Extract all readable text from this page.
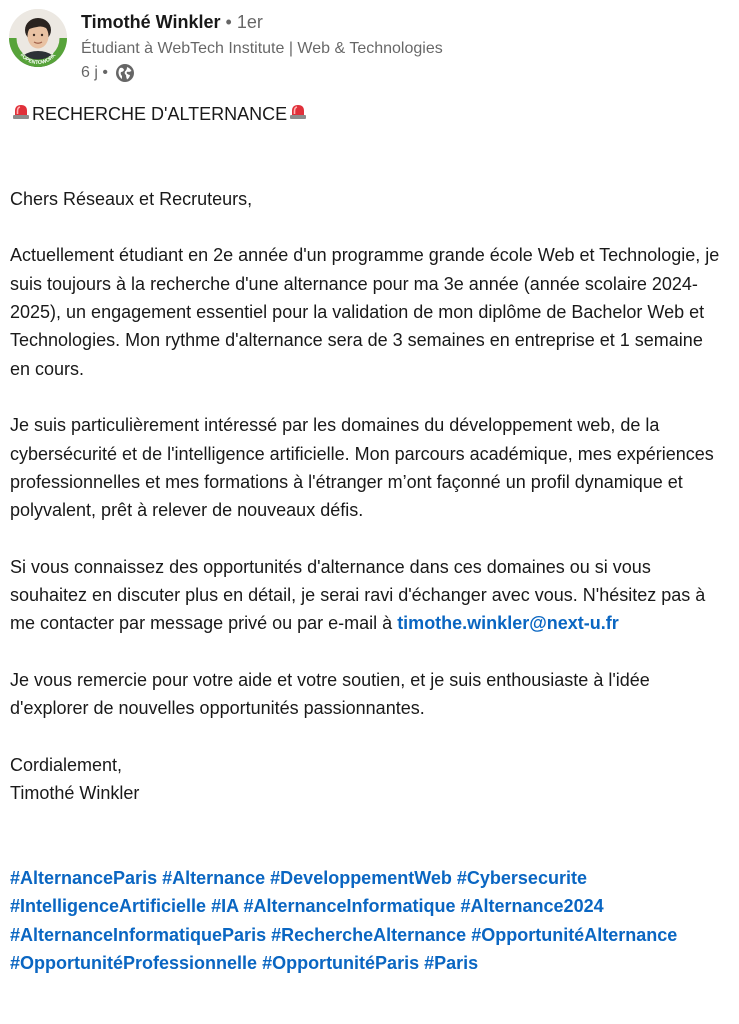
#OPENTOWORK
Timothé Winkler • 1er
Étudiant à WebTech Institute | Web & Technologies
6 j •

RECHERCHE D'ALTERNANCE

Chers Réseaux et Recruteurs,

Actuellement étudiant en 2e année d'un programme grande école Web et Technologie, je suis toujours à la recherche d'une alternance pour ma 3e année (année scolaire 2024-2025), un engagement essentiel pour la validation de mon diplôme de Bachelor Web et Technologies. Mon rythme d'alternance sera de 3 semaines en entreprise et 1 semaine en cours.

Je suis particulièrement intéressé par les domaines du développement web, de la cybersécurité et de l'intelligence artificielle. Mon parcours académique, mes expériences professionnelles et mes formations à l'étranger m’ont façonné un profil dynamique et polyvalent, prêt à relever de nouveaux défis.

Si vous connaissez des opportunités d'alternance dans ces domaines ou si vous souhaitez en discuter plus en détail, je serai ravi d'échanger avec vous. N'hésitez pas à me contacter par message privé ou par e-mail à timothe.winkler@next-u.fr

Je vous remercie pour votre aide et votre soutien, et je suis enthousiaste à l'idée d'explorer de nouvelles opportunités passionnantes.

Cordialement,

Timothé Winkler

#AlternanceParis #Alternance #DeveloppementWeb #Cybersecurite #IntelligenceArtificielle #IA #AlternanceInformatique #Alternance2024 #AlternanceInformatiqueParis #RechercheAlternance #OpportunitéAlternance #OpportunitéProfessionnelle #OpportunitéParis #Paris
